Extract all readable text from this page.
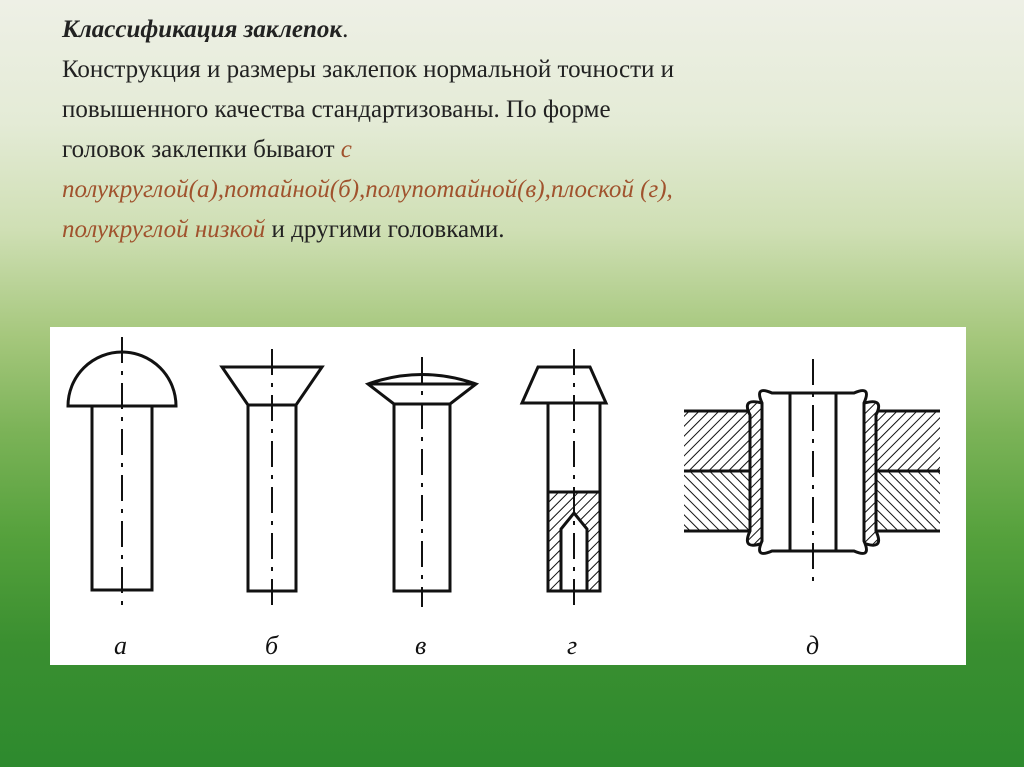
Классификация заклепок.
Конструкция и размеры заклепок нормальной точности и
повышенного качества стандартизованы. По форме
головок заклепки бывают с
полукруглой(а),потайной(б),полупотайной(в),плоской (г),
полукруглой низкой и другими головками.
а	б	в	г	д
